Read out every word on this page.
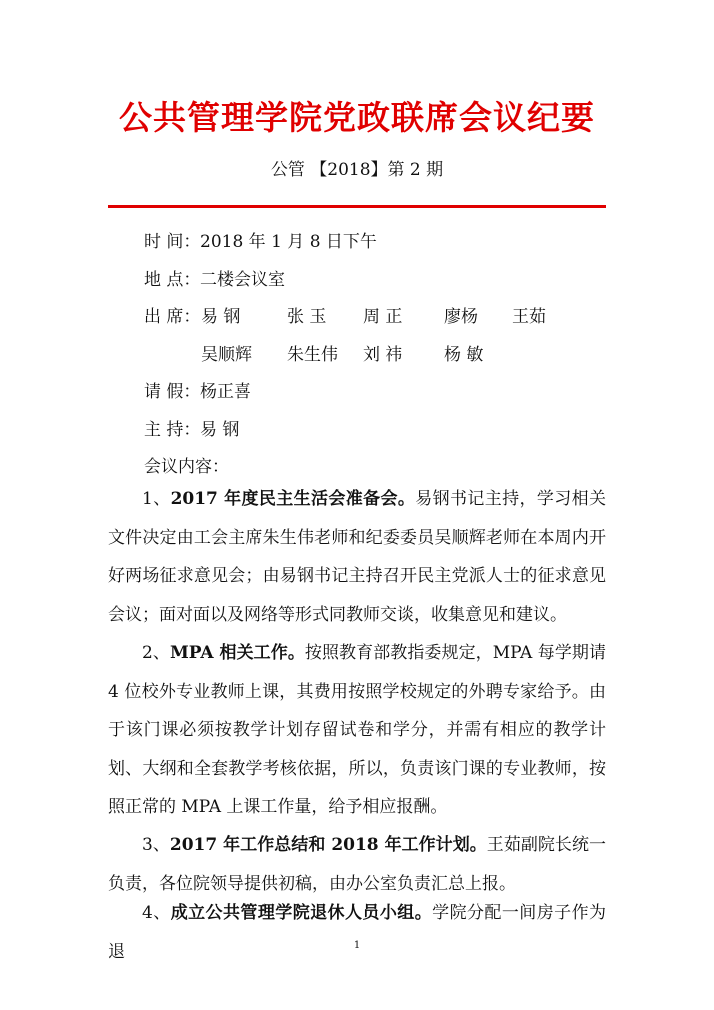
公共管理学院党政联席会议纪要
公管 【2018】第 2 期
时 间：2018 年 1 月 8 日下午
地 点：二楼会议室
出 席： 易 钢	张 玉 周 正 廖杨 王茹
吴顺辉 朱生伟 刘 祎 杨 敏
请 假：杨正喜
主 持：易 钢
会议内容：

1、2017 年度民主生活会准备会。易钢书记主持，学习相关文件决定由工会主席朱生伟老师和纪委委员吴顺辉老师在本周内开好两场征求意见会；由易钢书记主持召开民主党派人士的征求意见会议；面对面以及网络等形式同教师交谈，收集意见和建议。

2、MPA 相关工作。按照教育部教指委规定，MPA 每学期请 4 位校外专业教师上课，其费用按照学校规定的外聘专家给予。由于该门课必须按教学计划存留试卷和学分，并需有相应的教学计划、大纲和全套教学考核依据，所以，负责该门课的专业教师，按照正常的 MPA 上课工作量，给予相应报酬。

3、2017 年工作总结和 2018 年工作计划。王茹副院长统一负责，各位院领导提供初稿，由办公室负责汇总上报。

4、成立公共管理学院退休人员小组。学院分配一间房子作为退	1
